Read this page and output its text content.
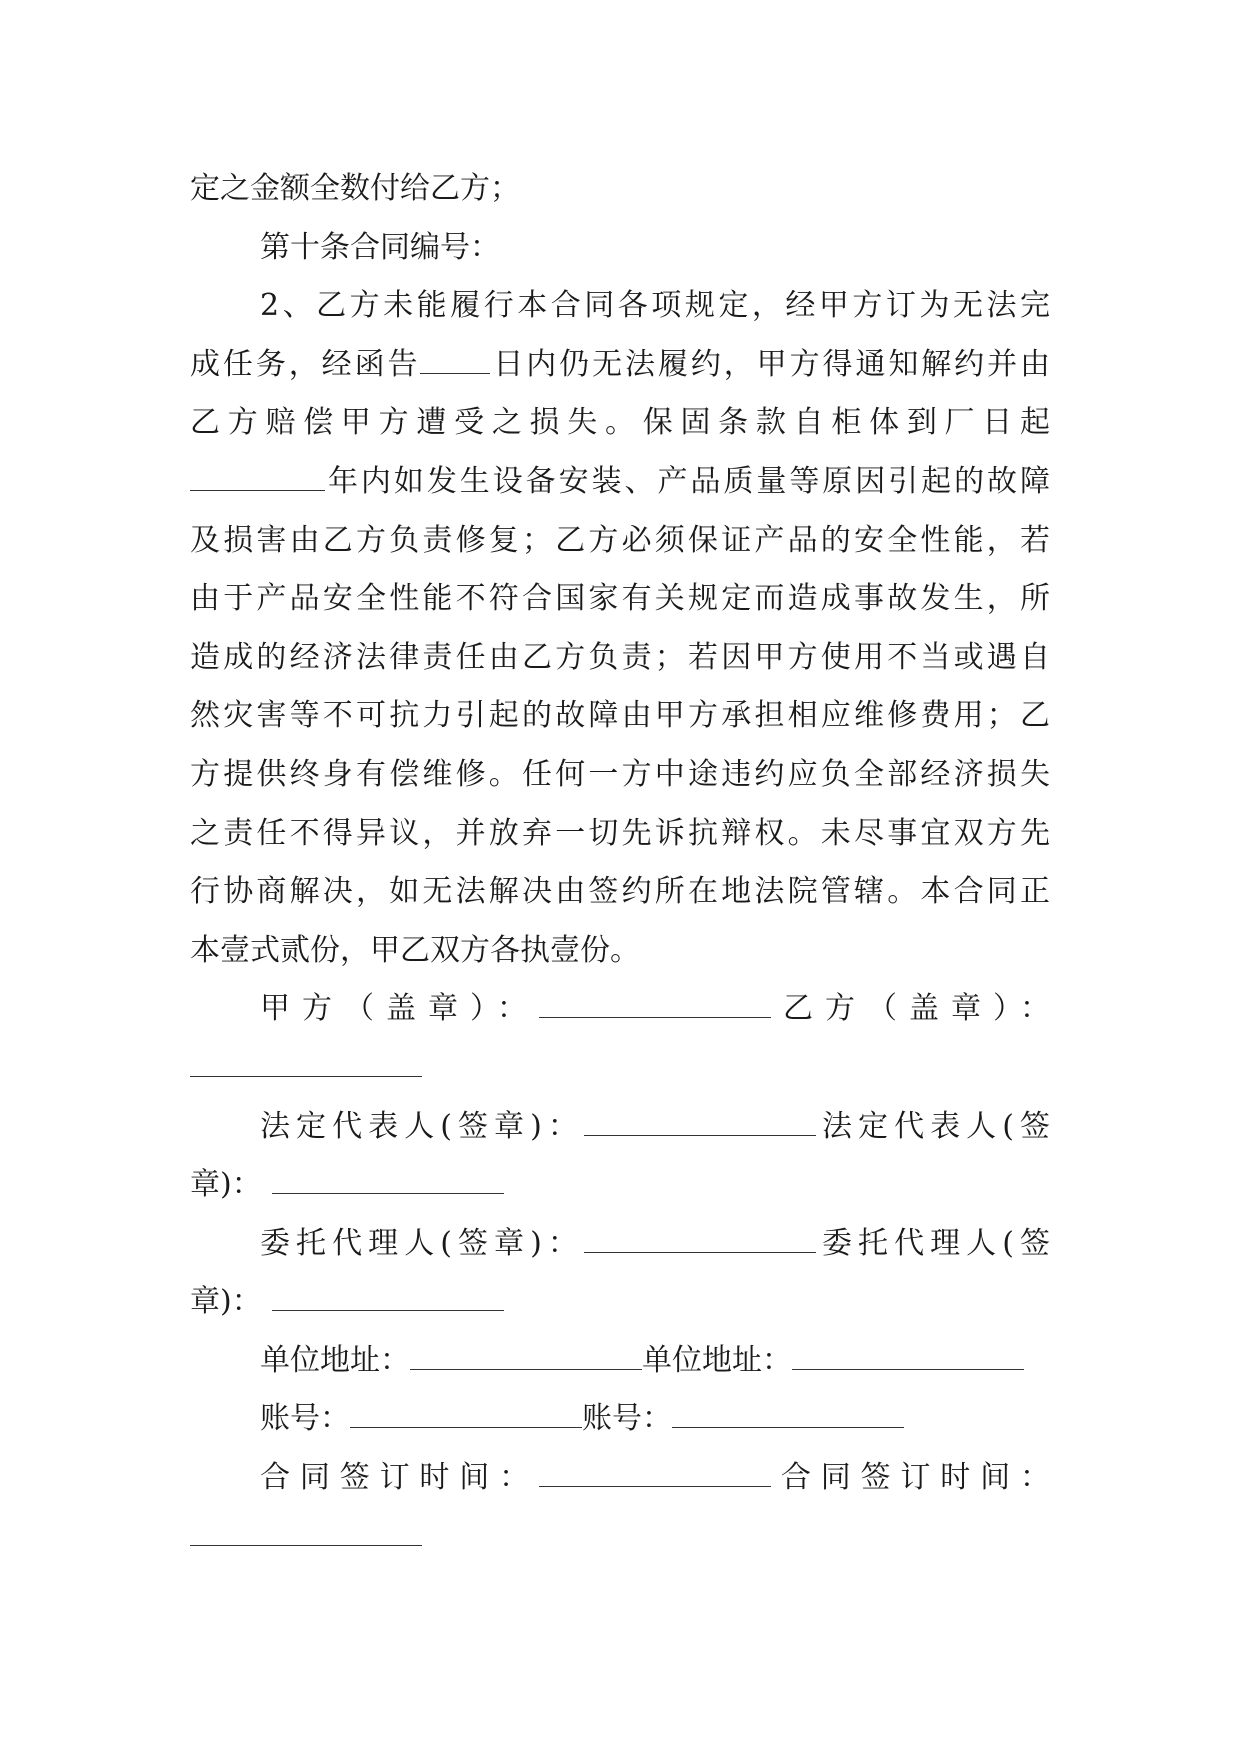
定之金额全数付给乙方；
第十条合同编号：
2、乙方未能履行本合同各项规定，经甲方订为无法完
成任务，经函告 日内仍无法履约，甲方得通知解约并由
乙方赔偿甲方遭受之损失。保固条款自柜体到厂日起
年内如发生设备安装、产品质量等原因引起的故障
及损害由乙方负责修复；乙方必须保证产品的安全性能，若
由于产品安全性能不符合国家有关规定而造成事故发生，所
造成的经济法律责任由乙方负责；若因甲方使用不当或遇自
然灾害等不可抗力引起的故障由甲方承担相应维修费用；乙
方提供终身有偿维修。任何一方中途违约应负全部经济损失
之责任不得异议，并放弃一切先诉抗辩权。未尽事宜双方先
行协商解决，如无法解决由签约所在地法院管辖。本合同正
本壹式贰份，甲乙双方各执壹份。
甲方（盖章）：	乙方（盖章）：
法定代表人(签章)：	法定代表人(签
章)：
委托代理人(签章)：	委托代理人(签
章)：
单位地址：	单位地址：
账号：	账号：
合同签订时间：	合同签订时间：
